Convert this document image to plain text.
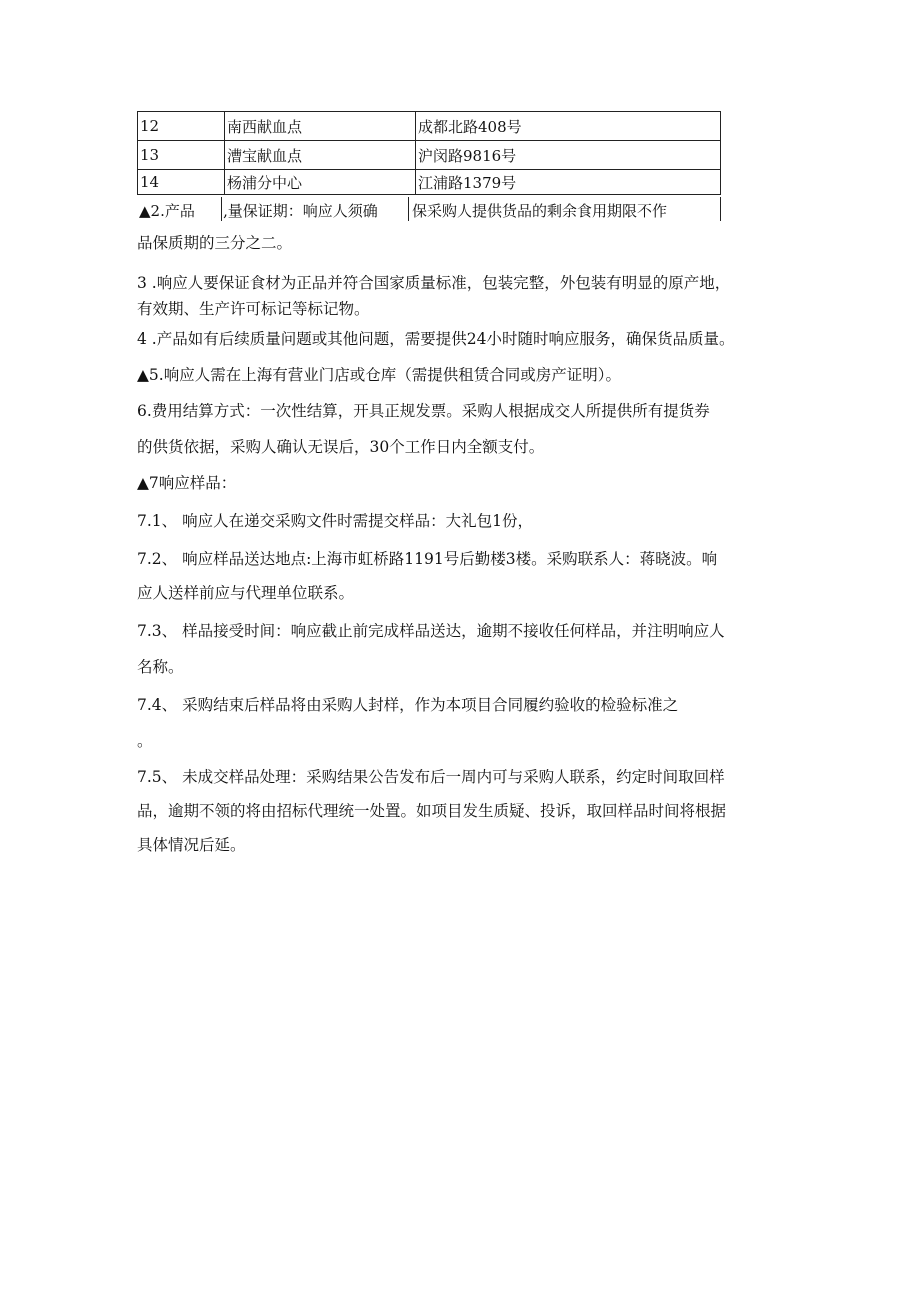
12	南西献血点	成都北路408号
13	漕宝献血点	沪闵路9816号
14	杨浦分中心	江浦路1379号
▲2.产品	‚量保证期：响应人须确	保采购人提供货品的剩余食用期限不作

品保质期的三分之二。

3 .响应人要保证食材为正品并符合国家质量标准，包装完整，外包装有明显的原产地，

有效期、生产许可标记等标记物。

4 .产品如有后续质量问题或其他问题，需要提供24小时随时响应服务，确保货品质量。

▲5.响应人需在上海有营业门店或仓库（需提供租赁合同或房产证明）。

6.费用结算方式：一次性结算，开具正规发票。采购人根据成交人所提供所有提货券

的供货依据，采购人确认无误后，30个工作日内全额支付。

▲7响应样品：

7.1、 响应人在递交采购文件时需提交样品：大礼包1份，

7.2、 响应样品送达地点:上海市虹桥路1191号后勤楼3楼。采购联系人：蒋晓波。响

应人送样前应与代理单位联系。

7.3、 样品接受时间：响应截止前完成样品送达，逾期不接收任何样品，并注明响应人

名称。

7.4、 采购结束后样品将由采购人封样，作为本项目合同履约验收的检验标准之

。

7.5、 未成交样品处理：采购结果公告发布后一周内可与采购人联系，约定时间取回样

品，逾期不领的将由招标代理统一处置。如项目发生质疑、投诉，取回样品时间将根据

具体情况后延。
